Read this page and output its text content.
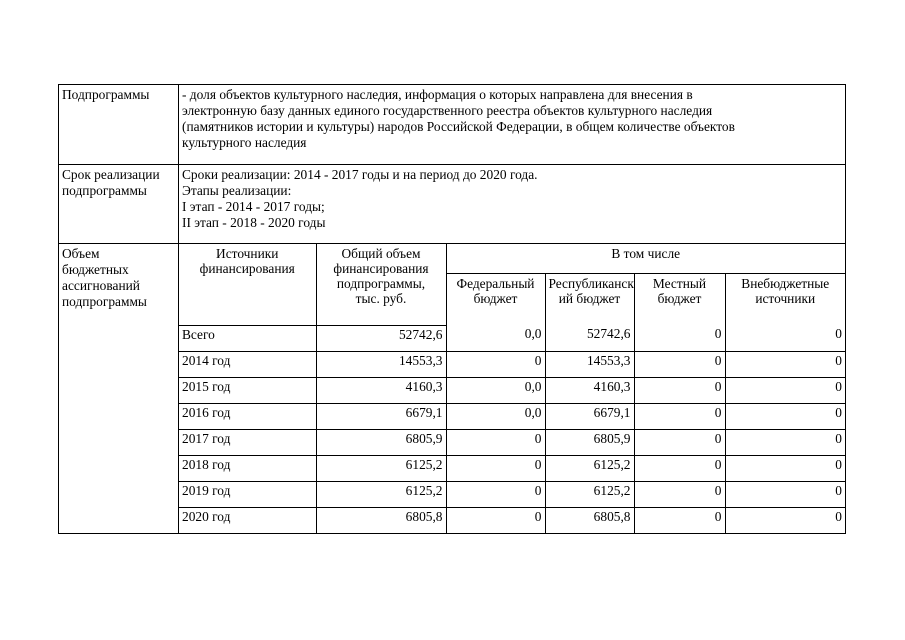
Подпрограммы	- доля объектов культурного наследия, информация о которых направлена для внесения в
электронную базу данных единого государственного реестра объектов культурного наследия
(памятников истории и культуры) народов Российской Федерации, в общем количестве объектов
культурного наследия
Срок реализации
подпрограммы	Сроки реализации: 2014 - 2017 годы и на период до 2020 года.
Этапы реализации:
I этап - 2014 - 2017 годы;
II этап - 2018 - 2020 годы
Объем
бюджетных
ассигнований
подпрограммы	
Источники
финансирования	Общий объем
финансирования
подпрограммы,
тыс. руб.	В том числе
Федеральный
бюджет	Республиканск
ий бюджет	Местный
бюджет	Внебюджетные
источники
Всего	52742,6	0,0	52742,6	0	0
2014 год	14553,3	0	14553,3	0	0
2015 год	4160,3	0,0	4160,3	0	0
2016 год	6679,1	0,0	6679,1	0	0
2017 год	6805,9	0	6805,9	0	0
2018 год	6125,2	0	6125,2	0	0
2019 год	6125,2	0	6125,2	0	0
2020 год	6805,8	0	6805,8	0	0
